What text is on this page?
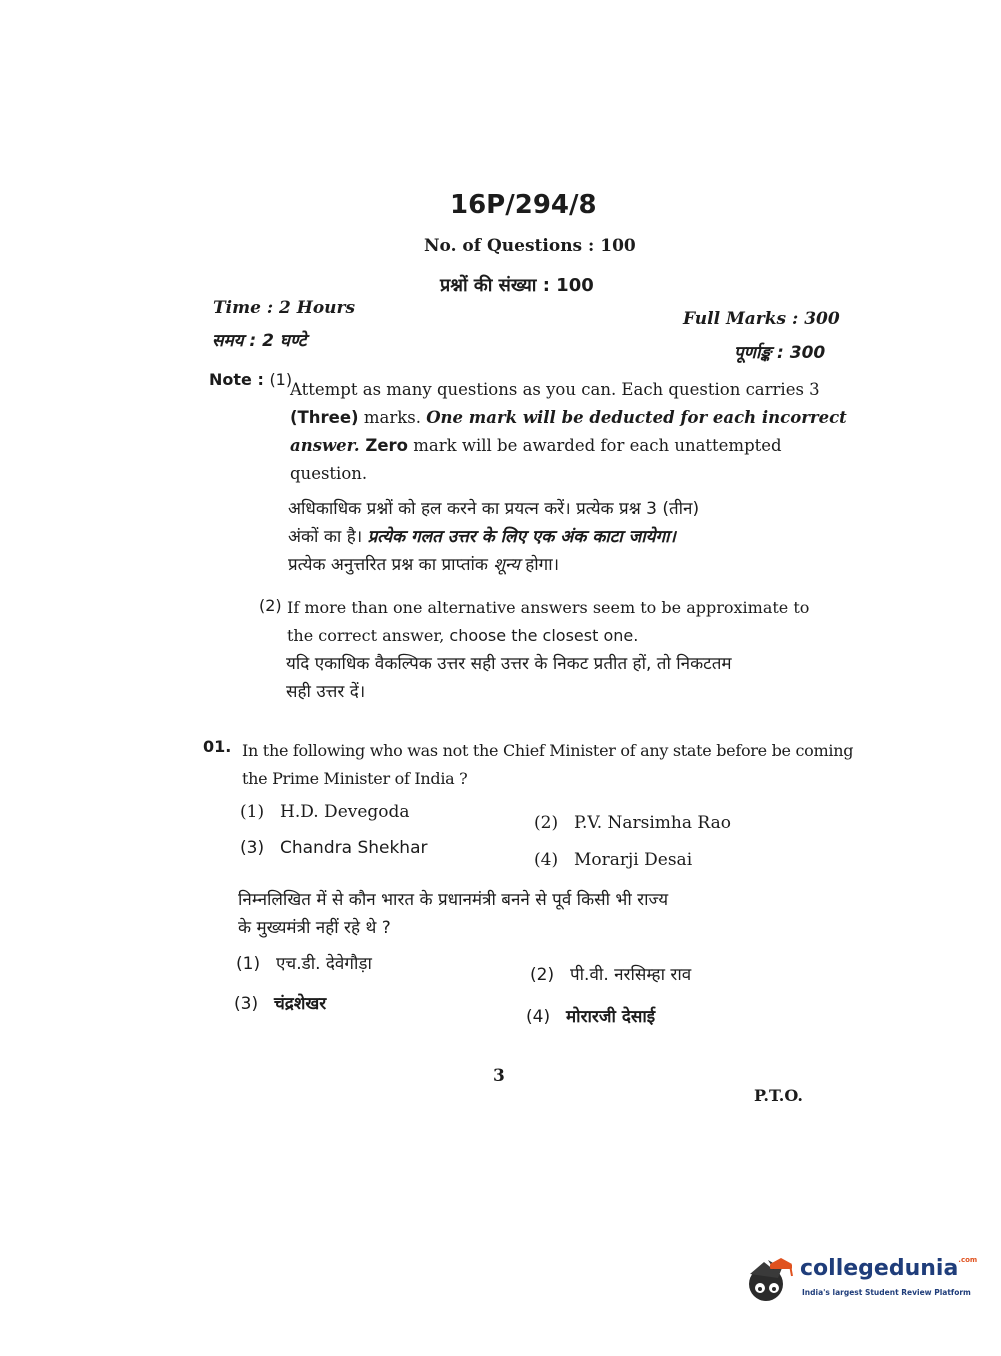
16P/294/8
No. of Questions : 100
प्रश्नों की संख्या : 100
Time : 2 Hours
समय : 2 घण्टे
Full Marks : 300
पूर्णाङ्क : 300
Note : (1)
Attempt as many questions as you can. Each question carries 3
(Three) marks. One mark will be deducted for each incorrect
answer. Zero mark will be awarded for each unattempted
question.
अधिकाधिक प्रश्नों को हल करने का प्रयत्न करें। प्रत्येक प्रश्न 3 (तीन)
अंकों का है। प्रत्येक गलत उत्तर के लिए एक अंक काटा जायेगा।
प्रत्येक अनुत्तरित प्रश्न का प्राप्तांक शून्य होगा।
(2) If more than one alternative answers seem to be approximate to
the correct answer, choose the closest one.
यदि एकाधिक वैकल्पिक उत्तर सही उत्तर के निकट प्रतीत हों, तो निकटतम
सही उत्तर दें।
01. In the following who was not the Chief Minister of any state before be coming
the Prime Minister of India ?
(1) H.D. Devegoda
(2) P.V. Narsimha Rao
(3) Chandra Shekhar
(4) Morarji Desai
निम्नलिखित में से कौन भारत के प्रधानमंत्री बनने से पूर्व किसी भी राज्य
के मुख्यमंत्री नहीं रहे थे ?
(1) एच.डी. देवेगौड़ा
(2) पी.वी. नरसिम्हा राव
(3) चंद्रशेखर
(4) मोरारजी देसाई
3
P.T.O.
collegedunia$^{.com}$
India's largest Student Review Platform
